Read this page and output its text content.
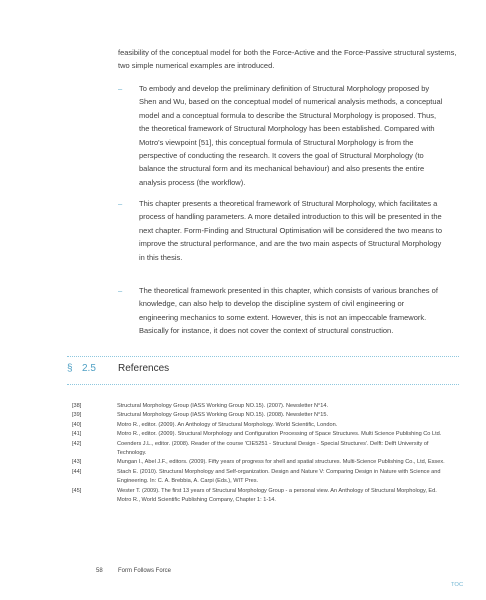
feasibility of the conceptual model for both the Force-Active and the Force-Passive structural systems, two simple numerical examples are introduced.

– To embody and develop the preliminary definition of Structural Morphology proposed by Shen and Wu, based on the conceptual model of numerical analysis methods, a conceptual model and a conceptual formula to describe the Structural Morphology is proposed. Thus, the theoretical framework of Structural Morphology has been established. Compared with Motro's viewpoint [51], this conceptual formula of Structural Morphology is from the perspective of conducting the research. It covers the goal of Structural Morphology (to balance the structural form and its mechanical behaviour) and also presents the entire analysis process (the workflow).
– This chapter presents a theoretical framework of Structural Morphology, which facilitates a process of handling parameters. A more detailed introduction to this will be presented in the next chapter. Form-Finding and Structural Optimisation will be considered the two means to improve the structural performance, and are the two main aspects of Structural Morphology in this thesis.
– The theoretical framework presented in this chapter, which consists of various branches of knowledge, can also help to develop the discipline system of civil engineering or engineering mechanics to some extent. However, this is not an impeccable framework. Basically for instance, it does not cover the context of structural construction.
§ 2.5 References
[38]	Structural Morphology Group (IASS Working Group NO.15). (2007). Newsletter N°14.
[39]	Structural Morphology Group (IASS Working Group NO.15). (2008). Newsletter N°15.
[40]	Motro R., editor. (2009). An Anthology of Structural Morphology. World Scientific, London.
[41]	Motro R., editor. (2009). Structural Morphology and Configuration Processing of Space Structures. Multi Science Publishing Co Ltd.
[42]	Coenders J.L., editor. (2008). Reader of the course 'CIE5251 - Structural Design - Special Structures'. Delft: Delft University of Technology.
[43]	Mungan I., Abel J.F., editors. (2009). Fifty years of progress for shell and spatial structures. Multi-Science Publishing Co., Ltd, Essex.
[44]	Stach E. (2010). Structural Morphology and Self-organization. Design and Nature V: Comparing Design in Nature with Science and Engineering. In: C. A. Brebbia, A. Carpi (Eds.), WIT Pres.
[45]	Wester T. (2009). The first 13 years of Structural Morphology Group - a personal view. An Anthology of Structural Morphology, Ed. Motro R., World Scientific Publishing Company, Chapter 1: 1-14.
58	Form Follows Force
TOC
